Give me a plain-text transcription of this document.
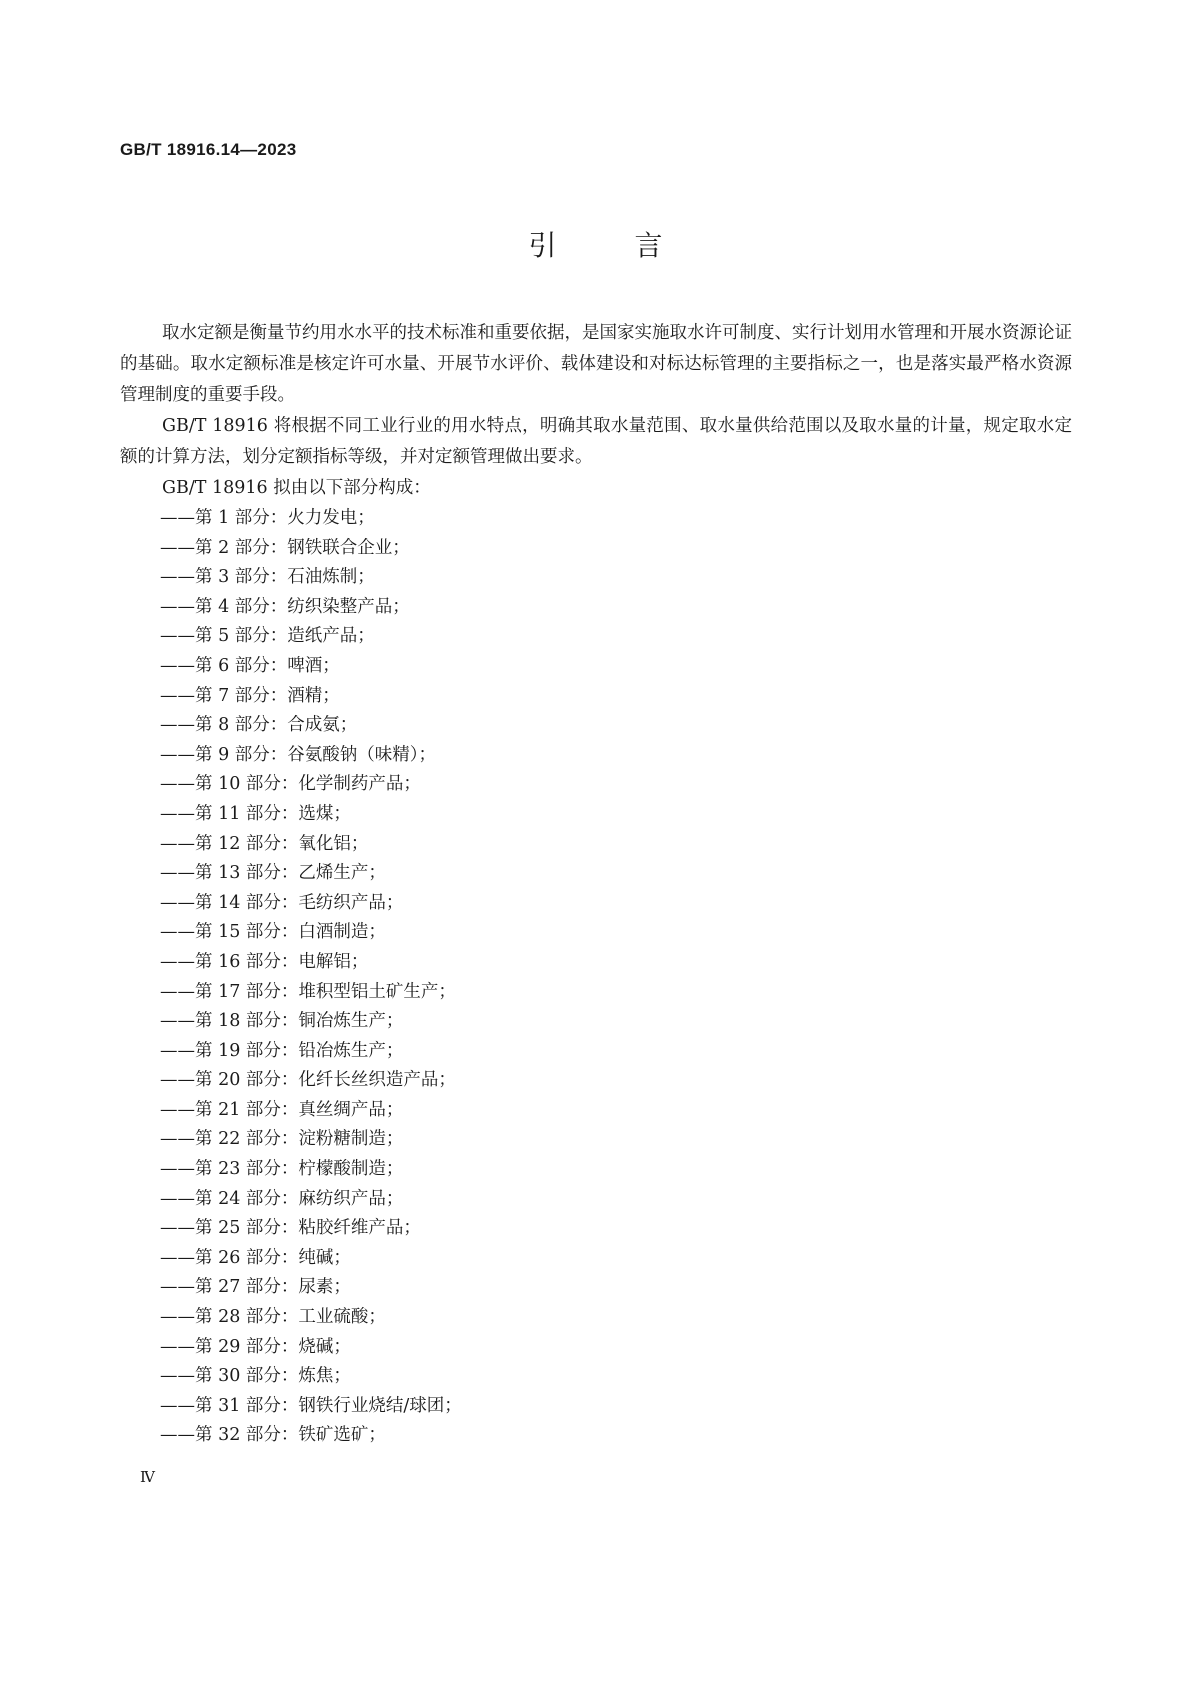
GB/T 18916.14—2023

引言

取水定额是衡量节约用水水平的技术标准和重要依据，是国家实施取水许可制度、实行计划用水管理和开展水资源论证的基础。取水定额标准是核定许可水量、开展节水评价、载体建设和对标达标管理的主要指标之一，也是落实最严格水资源管理制度的重要手段。

GB/T 18916 将根据不同工业行业的用水特点，明确其取水量范围、取水量供给范围以及取水量的计量，规定取水定额的计算方法，划分定额指标等级，并对定额管理做出要求。

GB/T 18916 拟由以下部分构成：

——第 1 部分：火力发电；
——第 2 部分：钢铁联合企业；
——第 3 部分：石油炼制；
——第 4 部分：纺织染整产品；
——第 5 部分：造纸产品；
——第 6 部分：啤酒；
——第 7 部分：酒精；
——第 8 部分：合成氨；
——第 9 部分：谷氨酸钠（味精）；
——第 10 部分：化学制药产品；
——第 11 部分：选煤；
——第 12 部分：氧化铝；
——第 13 部分：乙烯生产；
——第 14 部分：毛纺织产品；
——第 15 部分：白酒制造；
——第 16 部分：电解铝；
——第 17 部分：堆积型铝土矿生产；
——第 18 部分：铜冶炼生产；
——第 19 部分：铅冶炼生产；
——第 20 部分：化纤长丝织造产品；
——第 21 部分：真丝绸产品；
——第 22 部分：淀粉糖制造；
——第 23 部分：柠檬酸制造；
——第 24 部分：麻纺织产品；
——第 25 部分：粘胶纤维产品；
——第 26 部分：纯碱；
——第 27 部分：尿素；
——第 28 部分：工业硫酸；
——第 29 部分：烧碱；
——第 30 部分：炼焦；
——第 31 部分：钢铁行业烧结/球团；
——第 32 部分：铁矿选矿；

Ⅳ
